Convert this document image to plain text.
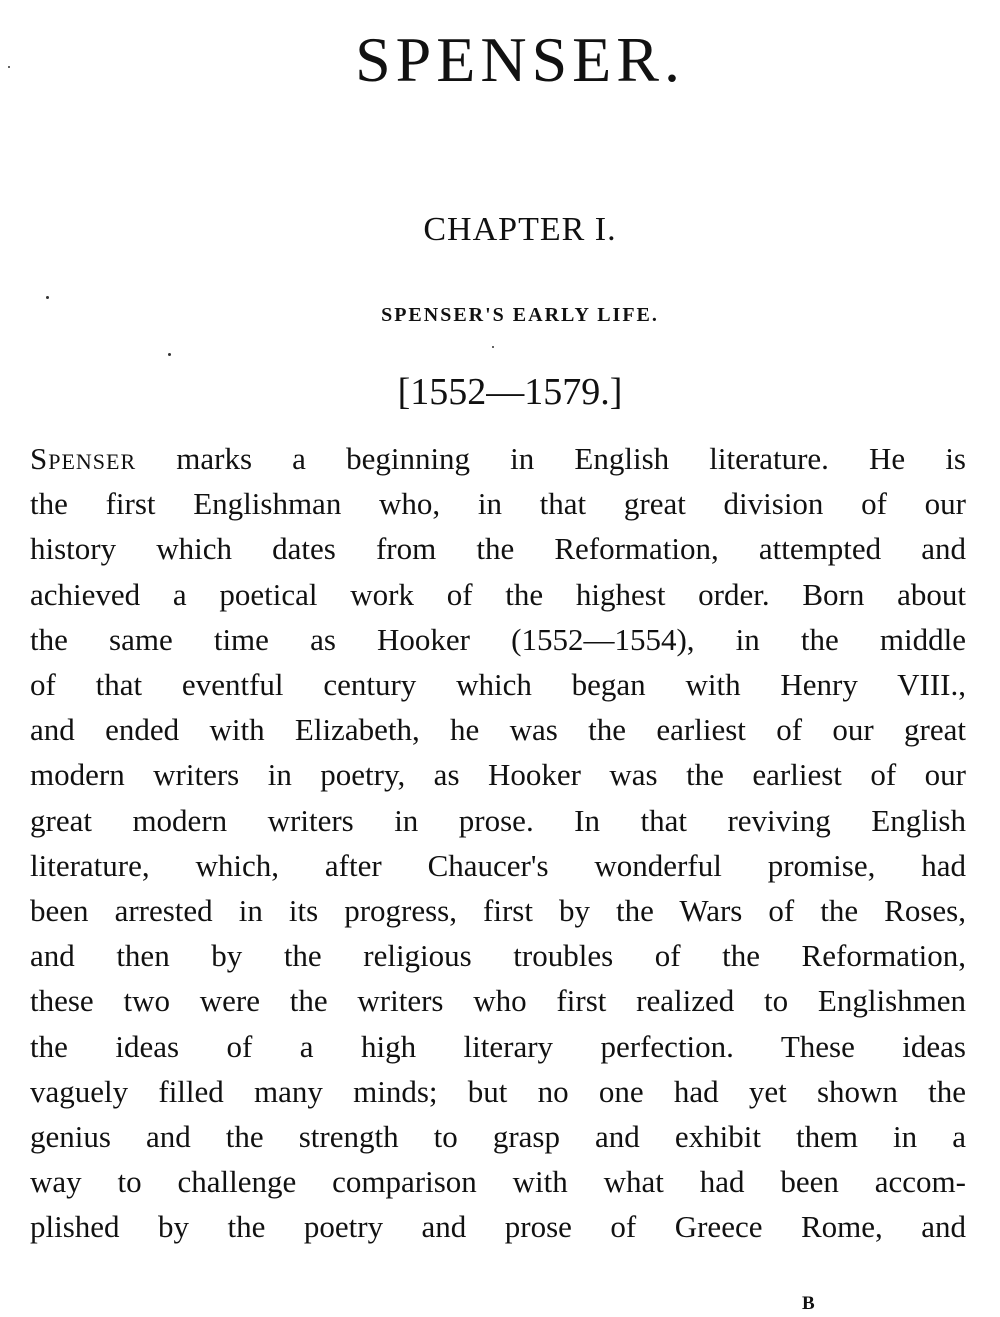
SPENSER.
CHAPTER I.
SPENSER'S EARLY LIFE.
[1552—1579.]
Spenser marks a beginning in English literature. He is
the first Englishman who, in that great division of our
history which dates from the Reformation, attempted and
achieved a poetical work of the highest order. Born about
the same time as Hooker (1552—1554), in the middle
of that eventful century which began with Henry VIII.,
and ended with Elizabeth, he was the earliest of our great
modern writers in poetry, as Hooker was the earliest of our
great modern writers in prose. In that reviving English
literature, which, after Chaucer's wonderful promise, had
been arrested in its progress, first by the Wars of the Roses,
and then by the religious troubles of the Reformation,
these two were the writers who first realized to Englishmen
the ideas of a high literary perfection. These ideas
vaguely filled many minds; but no one had yet shown the
genius and the strength to grasp and exhibit them in a
way to challenge comparison with what had been accom-
plished by the poetry and prose of Greece Rome, and
B
